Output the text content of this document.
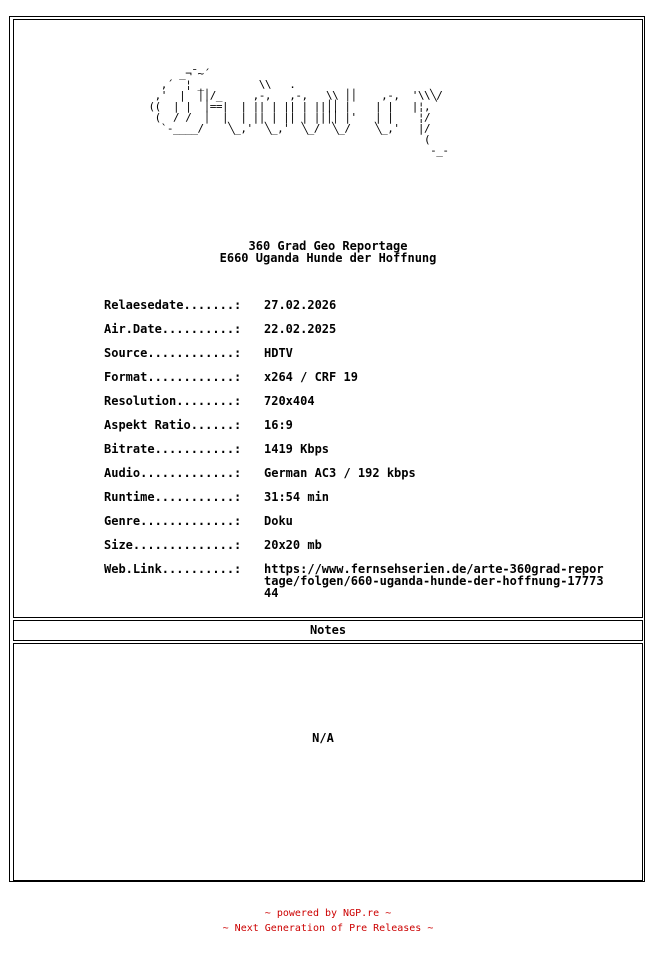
_¬¯~´
,´  ¦ _         \\   .
,'  |  ││/_     ,-,   ,-,   \\ ││    ,-,  '\\╲/
((  | |  │==|  | || | || | ||││ |    | |   |¦,
(  / /  │  |  | || | || | ||││ |'   | |    ¦/
`-____/    ╲_,'  ╲_,'  ╲_/  ╲_/    ╲_,'   |/
(
-_-
360 Grad Geo Reportage
E660 Uganda Hunde der Hoffnung
Relaesedate.......:	27.02.2026
Air.Date..........:	22.02.2025
Source............:	HDTV
Format............:	x264 / CRF 19
Resolution........:	720x404
Aspekt Ratio......:	16:9
Bitrate...........:	1419 Kbps
Audio.............:	German AC3 / 192 kbps
Runtime...........:	31:54 min
Genre.............:	Doku
Size..............:	20x20 mb
Web.Link..........:	https://www.fernsehserien.de/arte-360grad-reportage/folgen/660-uganda-hunde-der-hoffnung-1777344
Notes
N/A
~ powered by NGP.re ~
~ Next Generation of Pre Releases ~
